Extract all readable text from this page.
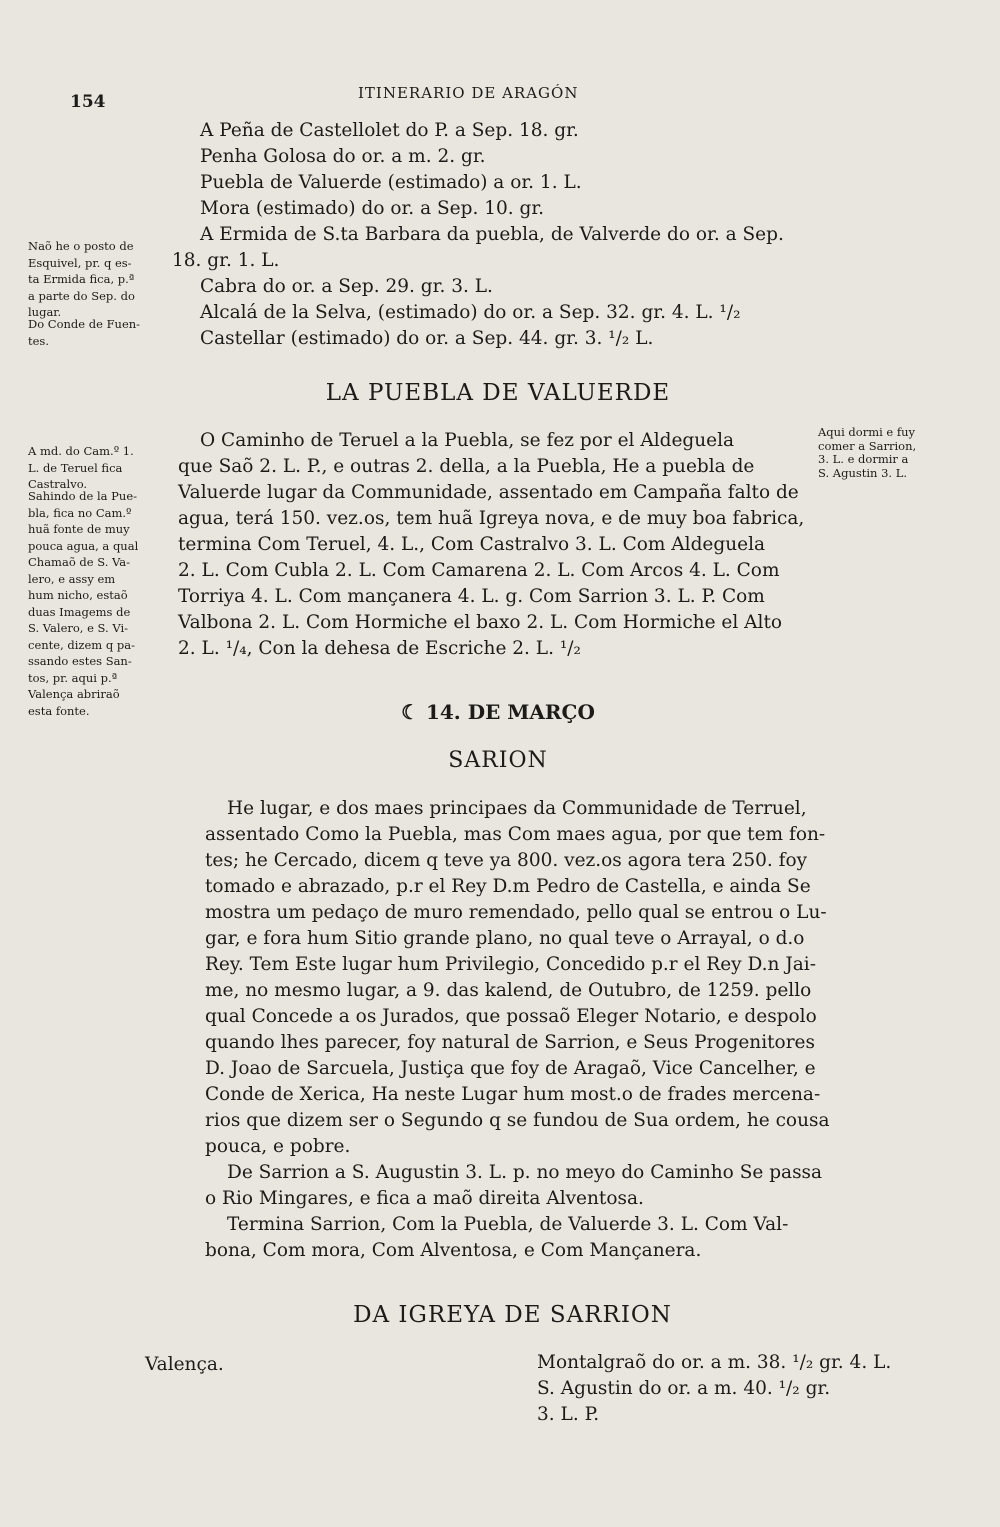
154	ITINERARIO DE ARAGÓN
A Peña de Castellolet do P. a Sep. 18. gr.
Penha Golosa do or. a m. 2. gr.
Puebla de Valuerde (estimado) a or. 1. L.
Mora (estimado) do or. a Sep. 10. gr.
A Ermida de S.ta Barbara da puebla, de Valverde do or. a Sep.
18. gr. 1. L.
Cabra do or. a Sep. 29. gr. 3. L.
Alcalá de la Selva, (estimado) do or. a Sep. 32. gr. 4. L. ¹/₂
Castellar (estimado) do or. a Sep. 44. gr. 3. ¹/₂ L.
LA PUEBLA DE VALUERDE
O Caminho de Teruel a la Puebla, se fez por el Aldeguela
que Saõ 2. L. P., e outras 2. della, a la Puebla, He a puebla de
Valuerde lugar da Communidade, assentado em Campaña falto de
agua, terá 150. vez.os, tem huã Igreya nova, e de muy boa fabrica,
termina Com Teruel, 4. L., Com Castralvo 3. L. Com Aldeguela
2. L. Com Cubla 2. L. Com Camarena 2. L. Com Arcos 4. L. Com
Torriya 4. L. Com mançanera 4. L. g. Com Sarrion 3. L. P. Com
Valbona 2. L. Com Hormiche el baxo 2. L. Com Hormiche el Alto
2. L. ¹/₄, Con la dehesa de Escriche 2. L. ¹/₂
☾ 14. DE MARÇO
SARION
He lugar, e dos maes principaes da Communidade de Terruel,
assentado Como la Puebla, mas Com maes agua, por que tem fon-
tes; he Cercado, dicem q teve ya 800. vez.os agora tera 250. foy
tomado e abrazado, p.r el Rey D.m Pedro de Castella, e ainda Se
mostra um pedaço de muro remendado, pello qual se entrou o Lu-
gar, e fora hum Sitio grande plano, no qual teve o Arrayal, o d.o
Rey. Tem Este lugar hum Privilegio, Concedido p.r el Rey D.n Jai-
me, no mesmo lugar, a 9. das kalend, de Outubro, de 1259. pello
qual Concede a os Jurados, que possaõ Eleger Notario, e despolo
quando lhes parecer, foy natural de Sarrion, e Seus Progenitores
D. Joao de Sarcuela, Justiça que foy de Aragaõ, Vice Cancelher, e
Conde de Xerica, Ha neste Lugar hum most.o de frades mercena-
rios que dizem ser o Segundo q se fundou de Sua ordem, he cousa
pouca, e pobre.
De Sarrion a S. Augustin 3. L. p. no meyo do Caminho Se passa
o Rio Mingares, e fica a maõ direita Alventosa.
Termina Sarrion, Com la Puebla, de Valuerde 3. L. Com Val-
bona, Com mora, Com Alventosa, e Com Mançanera.
DA IGREYA DE SARRION
Valença.	Montalgraõ do or. a m. 38. ¹/₂ gr. 4. L.
S. Agustin do or. a m. 40. ¹/₂ gr.
3. L. P.

Naõ he o posto de

Esquivel, pr. q es-

ta Ermida fica, p.ª

a parte do Sep. do

lugar.

Do Conde de Fuen-

tes.

A md. do Cam.º 1.

L. de Teruel fica

Castralvo.

Sahindo de la Pue-

bla, fica no Cam.º

huã fonte de muy

pouca agua, a qual

Chamaõ de S. Va-

lero, e assy em

hum nicho, estaõ

duas Imagems de

S. Valero, e S. Vi-

cente, dizem q pa-

ssando estes San-

tos, pr. aqui p.ª

Valença abriraõ

esta fonte.

Aqui dormi e fuy

comer a Sarrion,

3. L. e dormir a

S. Agustin 3. L.
